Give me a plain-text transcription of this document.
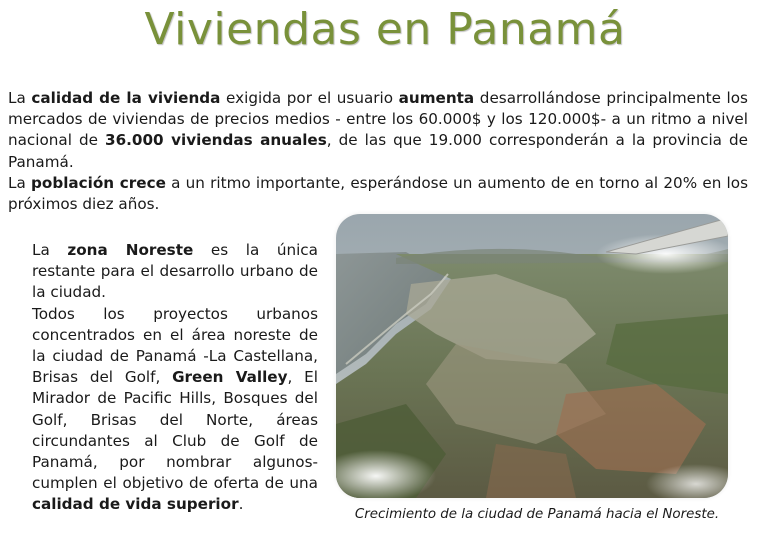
Viviendas en Panamá

La calidad de la vivienda exigida por el usuario aumenta desarrollándose principalmente los mercados de viviendas de precios medios - entre los 60.000$ y los 120.000$- a un ritmo a nivel nacional de 36.000 viviendas anuales, de las que 19.000 corresponderán a la provincia de Panamá.

La población crece a un ritmo importante, esperándose un aumento de en torno al 20% en los próximos diez años.

La zona Noreste es la única restante para el desarrollo urbano de la ciudad.

Todos los proyectos urbanos concentrados en el área noreste de la ciudad de Panamá -La Castellana, Brisas del Golf, Green Valley, El Mirador de Pacific Hills, Bosques del Golf, Brisas del Norte, áreas circundantes al Club de Golf de Panamá, por nombrar algunos- cumplen el objetivo de oferta de una calidad de vida superior.

Crecimiento de la ciudad de Panamá hacia el Noreste.
